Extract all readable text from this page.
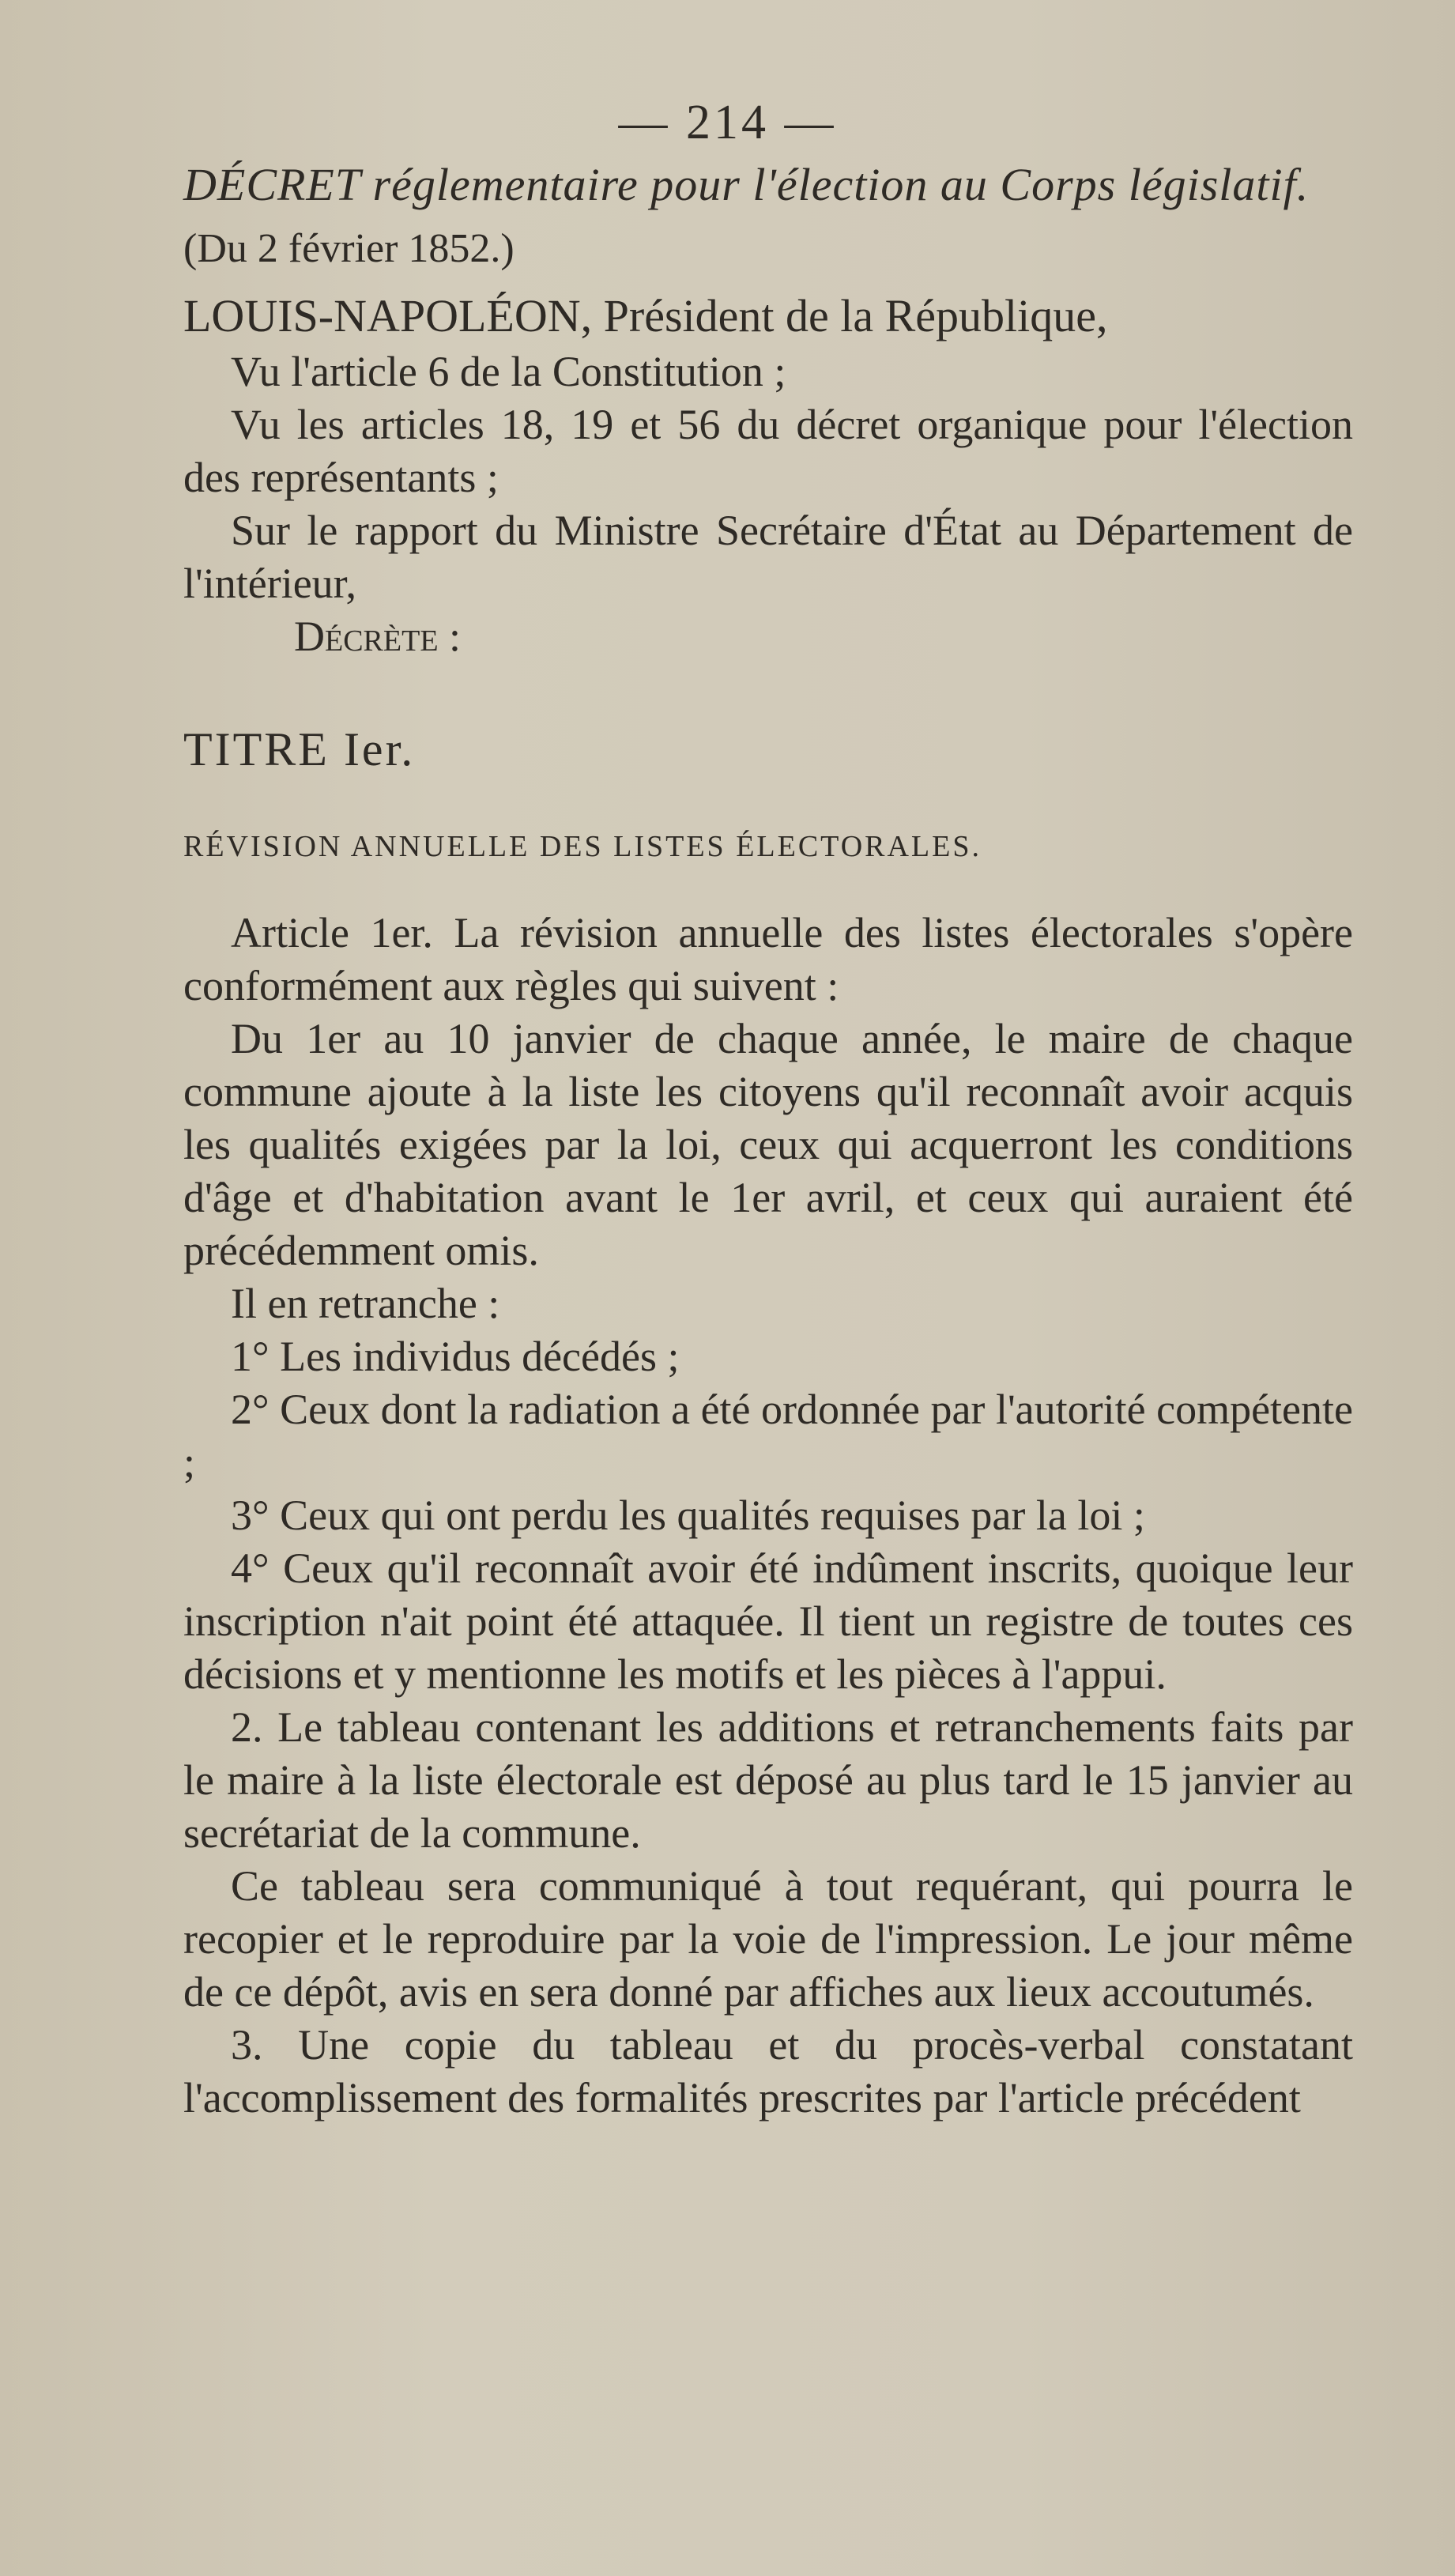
— 214 —

DÉCRET réglementaire pour l'élection au Corps législatif.

(Du 2 février 1852.)

LOUIS-NAPOLÉON, Président de la République,

Vu l'article 6 de la Constitution ;

Vu les articles 18, 19 et 56 du décret organique pour l'élection des représentants ;

Sur le rapport du Ministre Secrétaire d'État au Département de l'intérieur,

Décrète :

TITRE Ier.

RÉVISION ANNUELLE DES LISTES ÉLECTORALES.

Article 1er. La révision annuelle des listes électorales s'opère conformément aux règles qui suivent :

Du 1er au 10 janvier de chaque année, le maire de chaque commune ajoute à la liste les citoyens qu'il reconnaît avoir acquis les qualités exigées par la loi, ceux qui acquerront les conditions d'âge et d'habitation avant le 1er avril, et ceux qui auraient été précédemment omis.

Il en retranche :

1° Les individus décédés ;

2° Ceux dont la radiation a été ordonnée par l'autorité compétente ;

3° Ceux qui ont perdu les qualités requises par la loi ;

4° Ceux qu'il reconnaît avoir été indûment inscrits, quoique leur inscription n'ait point été attaquée. Il tient un registre de toutes ces décisions et y mentionne les motifs et les pièces à l'appui.

2. Le tableau contenant les additions et retranchements faits par le maire à la liste électorale est déposé au plus tard le 15 janvier au secrétariat de la commune.

Ce tableau sera communiqué à tout requérant, qui pourra le recopier et le reproduire par la voie de l'impression. Le jour même de ce dépôt, avis en sera donné par affiches aux lieux accoutumés.

3. Une copie du tableau et du procès-verbal constatant l'accomplissement des formalités prescrites par l'article précédent
